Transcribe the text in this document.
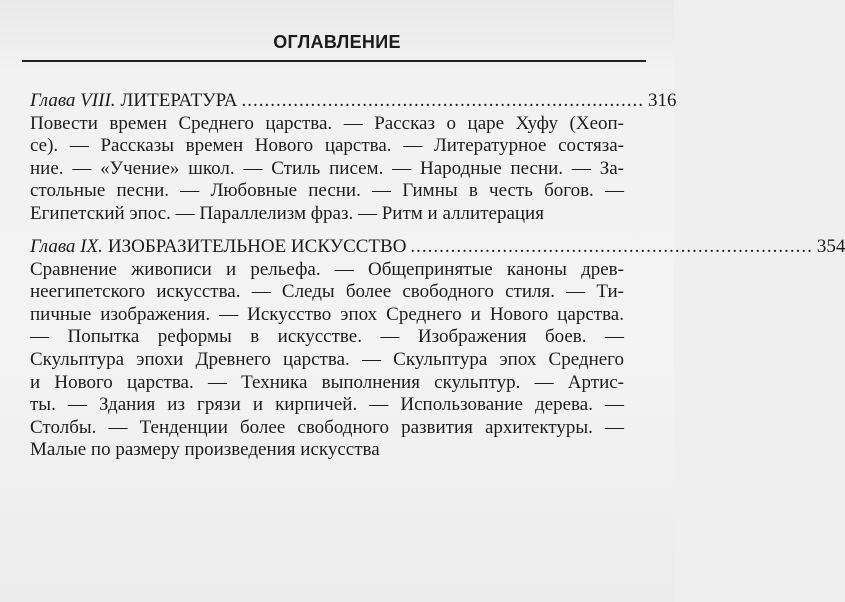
ОГЛАВЛЕНИЕ
Глава VIII. ЛИТЕРАТУРА ...................................................................... 316
Повести времен Среднего царства. — Рассказ о царе Хуфу (Хеоп-
се). — Рассказы времен Нового царства. — Литературное состяза-
ние. — «Учение» школ. — Стиль писем. — Народные песни. — За-
стольные песни. — Любовные песни. — Гимны в честь богов. —
Египетский эпос. — Параллелизм фраз. — Ритм и аллитерация
Глава IX. ИЗОБРАЗИТЕЛЬНОЕ ИСКУССТВО ...................................................................... 354
Сравнение живописи и рельефа. — Общепринятые каноны древ-
неегипетского искусства. — Следы более свободного стиля. — Ти-
пичные изображения. — Искусство эпох Среднего и Нового царства.
— Попытка реформы в искусстве. — Изображения боев. —
Скульптура эпохи Древнего царства. — Скульптура эпох Среднего
и Нового царства. — Техника выполнения скульптур. — Артис-
ты. — Здания из грязи и кирпичей. — Использование дерева. —
Столбы. — Тенденции более свободного развития архитектуры. —
Малые по размеру произведения искусства
